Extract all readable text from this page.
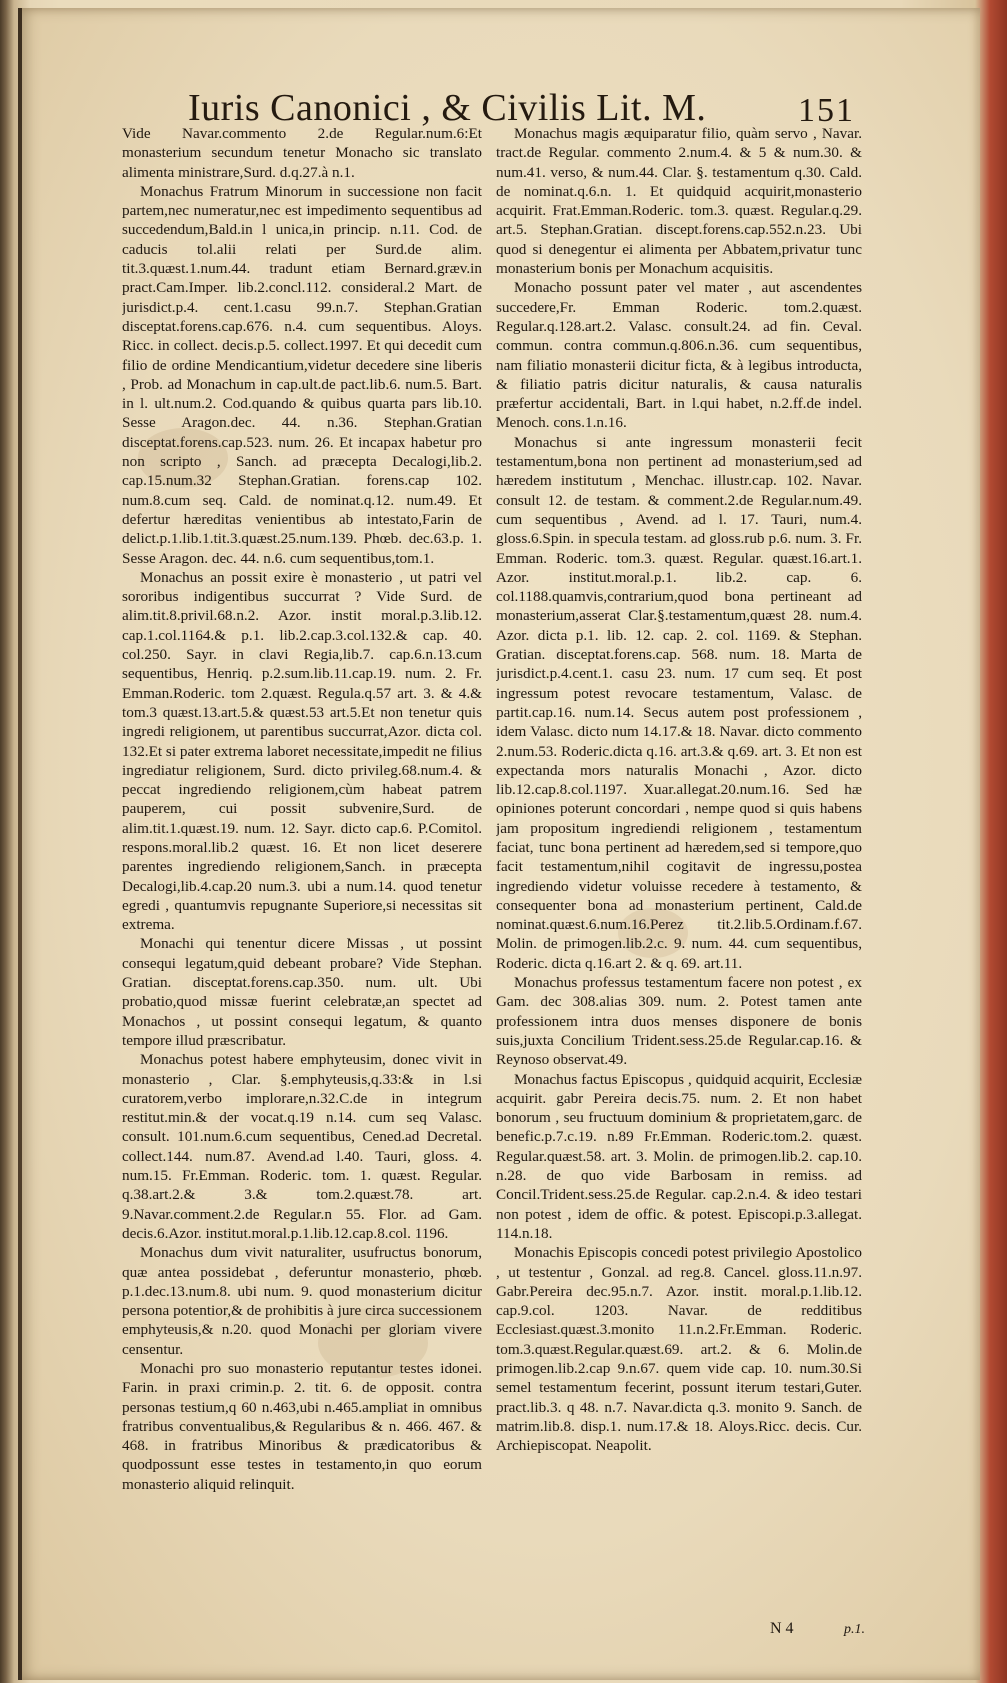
Iuris Canonici , & Civilis Lit. M.	151

Vide Navar.commento 2.de Regular.num.6:Et monasterium secundum tenetur Monacho sic translato alimenta ministrare,Surd. d.q.27.à n.1.

Monachus Fratrum Minorum in successione non facit partem,nec numeratur,nec est impedimento sequentibus ad succedendum,Bald.in l unica,in princip. n.11. Cod. de caducis tol.alii relati per Surd.de alim. tit.3.quæst.1.num.44. tradunt etiam Bernard.græv.in pract.Cam.Imper. lib.2.concl.112. consideral.2 Mart. de jurisdict.p.4. cent.1.casu 99.n.7. Stephan.Gratian disceptat.forens.cap.676. n.4. cum sequentibus. Aloys. Ricc. in collect. decis.p.5. collect.1997. Et qui decedit cum filio de ordine Mendicantium,videtur decedere sine liberis , Prob. ad Monachum in cap.ult.de pact.lib.6. num.5. Bart. in l. ult.num.2. Cod.quando & quibus quarta pars lib.10. Sesse Aragon.dec. 44. n.36. Stephan.Gratian disceptat.forens.cap.523. num. 26. Et incapax habetur pro non scripto , Sanch. ad præcepta Decalogi,lib.2. cap.15.num.32 Stephan.Gratian. forens.cap 102. num.8.cum seq. Cald. de nominat.q.12. num.49. Et defertur hæreditas venientibus ab intestato,Farin de delict.p.1.lib.1.tit.3.quæst.25.num.139. Phœb. dec.63.p. 1. Sesse Aragon. dec. 44. n.6. cum sequentibus,tom.1.

Monachus an possit exire è monasterio , ut patri vel sororibus indigentibus succurrat ? Vide Surd. de alim.tit.8.privil.68.n.2. Azor. instit moral.p.3.lib.12. cap.1.col.1164.& p.1. lib.2.cap.3.col.132.& cap. 40. col.250. Sayr. in clavi Regia,lib.7. cap.6.n.13.cum sequentibus, Henriq. p.2.sum.lib.11.cap.19. num. 2. Fr. Emman.Roderic. tom 2.quæst. Regula.q.57 art. 3. & 4.& tom.3 quæst.13.art.5.& quæst.53 art.5.Et non tenetur quis ingredi religionem, ut parentibus succurrat,Azor. dicta col. 132.Et si pater extrema laboret necessitate,impedit ne filius ingrediatur religionem, Surd. dicto privileg.68.num.4. & peccat ingrediendo religionem,cùm habeat patrem pauperem, cui possit subvenire,Surd. de alim.tit.1.quæst.19. num. 12. Sayr. dicto cap.6. P.Comitol. respons.moral.lib.2 quæst. 16. Et non licet deserere parentes ingrediendo religionem,Sanch. in præcepta Decalogi,lib.4.cap.20 num.3. ubi a num.14. quod tenetur egredi , quantumvis repugnante Superiore,si necessitas sit extrema.

Monachi qui tenentur dicere Missas , ut possint consequi legatum,quid debeant probare? Vide Stephan. Gratian. disceptat.forens.cap.350. num. ult. Ubi probatio,quod missæ fuerint celebratæ,an spectet ad Monachos , ut possint consequi legatum, & quanto tempore illud præscribatur.

Monachus potest habere emphyteusim, donec vivit in monasterio , Clar. §.emphyteusis,q.33:& in l.si curatorem,verbo implorare,n.32.C.de in integrum restitut.min.& der vocat.q.19 n.14. cum seq Valasc. consult. 101.num.6.cum sequentibus, Cened.ad Decretal. collect.144. num.87. Avend.ad l.40. Tauri, gloss. 4. num.15. Fr.Emman. Roderic. tom. 1. quæst. Regular. q.38.art.2.& 3.& tom.2.quæst.78. art. 9.Navar.comment.2.de Regular.n 55. Flor. ad Gam. decis.6.Azor. institut.moral.p.1.lib.12.cap.8.col. 1196.

Monachus dum vivit naturaliter, usufructus bonorum, quæ antea possidebat , deferuntur monasterio, phœb. p.1.dec.13.num.8. ubi num. 9. quod monasterium dicitur persona potentior,& de prohibitis à jure circa successionem emphyteusis,& n.20. quod Monachi per gloriam vivere censentur.

Monachi pro suo monasterio reputantur testes idonei. Farin. in praxi crimin.p. 2. tit. 6. de opposit. contra personas testium,q 60 n.463,ubi n.465.ampliat in omnibus fratribus conventualibus,& Regularibus & n. 466. 467. & 468. in fratribus Minoribus & prædicatoribus & quodpossunt esse testes in testamento,in quo eorum monasterio aliquid relinquit.

Monachus magis æquiparatur filio, quàm servo , Navar. tract.de Regular. commento 2.num.4. & 5 & num.30. & num.41. verso, & num.44. Clar. §. testamentum q.30. Cald. de nominat.q.6.n. 1. Et quidquid acquirit,monasterio acquirit. Frat.Emman.Roderic. tom.3. quæst. Regular.q.29. art.5. Stephan.Gratian. discept.forens.cap.552.n.23. Ubi quod si denegentur ei alimenta per Abbatem,privatur tunc monasterium bonis per Monachum acquisitis.

Monacho possunt pater vel mater , aut ascendentes succedere,Fr. Emman Roderic. tom.2.quæst. Regular.q.128.art.2. Valasc. consult.24. ad fin. Ceval. commun. contra commun.q.806.n.36. cum sequentibus, nam filiatio monasterii dicitur ficta, & à legibus introducta, & filiatio patris dicitur naturalis, & causa naturalis præfertur accidentali, Bart. in l.qui habet, n.2.ff.de indel. Menoch. cons.1.n.16.

Monachus si ante ingressum monasterii fecit testamentum,bona non pertinent ad monasterium,sed ad hæredem institutum , Menchac. illustr.cap. 102. Navar. consult 12. de testam. & comment.2.de Regular.num.49. cum sequentibus , Avend. ad l. 17. Tauri, num.4. gloss.6.Spin. in specula testam. ad gloss.rub p.6. num. 3. Fr. Emman. Roderic. tom.3. quæst. Regular. quæst.16.art.1. Azor. institut.moral.p.1. lib.2. cap. 6. col.1188.quamvis,contrarium,quod bona pertineant ad monasterium,asserat Clar.§.testamentum,quæst 28. num.4. Azor. dicta p.1. lib. 12. cap. 2. col. 1169. & Stephan. Gratian. disceptat.forens.cap. 568. num. 18. Marta de jurisdict.p.4.cent.1. casu 23. num. 17 cum seq. Et post ingressum potest revocare testamentum, Valasc. de partit.cap.16. num.14. Secus autem post professionem , idem Valasc. dicto num 14.17.& 18. Navar. dicto commento 2.num.53. Roderic.dicta q.16. art.3.& q.69. art. 3. Et non est expectanda mors naturalis Monachi , Azor. dicto lib.12.cap.8.col.1197. Xuar.allegat.20.num.16. Sed hæ opiniones poterunt concordari , nempe quod si quis habens jam propositum ingrediendi religionem , testamentum faciat, tunc bona pertinent ad hæredem,sed si tempore,quo facit testamentum,nihil cogitavit de ingressu,postea ingrediendo videtur voluisse recedere à testamento, & consequenter bona ad monasterium pertinent, Cald.de nominat.quæst.6.num.16.Perez tit.2.lib.5.Ordinam.f.67. Molin. de primogen.lib.2.c. 9. num. 44. cum sequentibus, Roderic. dicta q.16.art 2. & q. 69. art.11.

Monachus professus testamentum facere non potest , ex Gam. dec 308.alias 309. num. 2. Potest tamen ante professionem intra duos menses disponere de bonis suis,juxta Concilium Trident.sess.25.de Regular.cap.16. & Reynoso observat.49.

Monachus factus Episcopus , quidquid acquirit, Ecclesiæ acquirit. gabr Pereira decis.75. num. 2. Et non habet bonorum , seu fructuum dominium & proprietatem,garc. de benefic.p.7.c.19. n.89 Fr.Emman. Roderic.tom.2. quæst. Regular.quæst.58. art. 3. Molin. de primogen.lib.2. cap.10. n.28. de quo vide Barbosam in remiss. ad Concil.Trident.sess.25.de Regular. cap.2.n.4. & ideo testari non potest , idem de offic. & potest. Episcopi.p.3.allegat. 114.n.18.

Monachis Episcopis concedi potest privilegio Apostolico , ut testentur , Gonzal. ad reg.8. Cancel. gloss.11.n.97. Gabr.Pereira dec.95.n.7. Azor. instit. moral.p.1.lib.12. cap.9.col. 1203. Navar. de redditibus Ecclesiast.quæst.3.monito 11.n.2.Fr.Emman. Roderic. tom.3.quæst.Regular.quæst.69. art.2. & 6. Molin.de primogen.lib.2.cap 9.n.67. quem vide cap. 10. num.30.Si semel testamentum fecerint, possunt iterum testari,Guter. pract.lib.3. q 48. n.7. Navar.dicta q.3. monito 9. Sanch. de matrim.lib.8. disp.1. num.17.& 18. Aloys.Ricc. decis. Cur. Archiepiscopat. Neapolit.

N 4	p.1.
